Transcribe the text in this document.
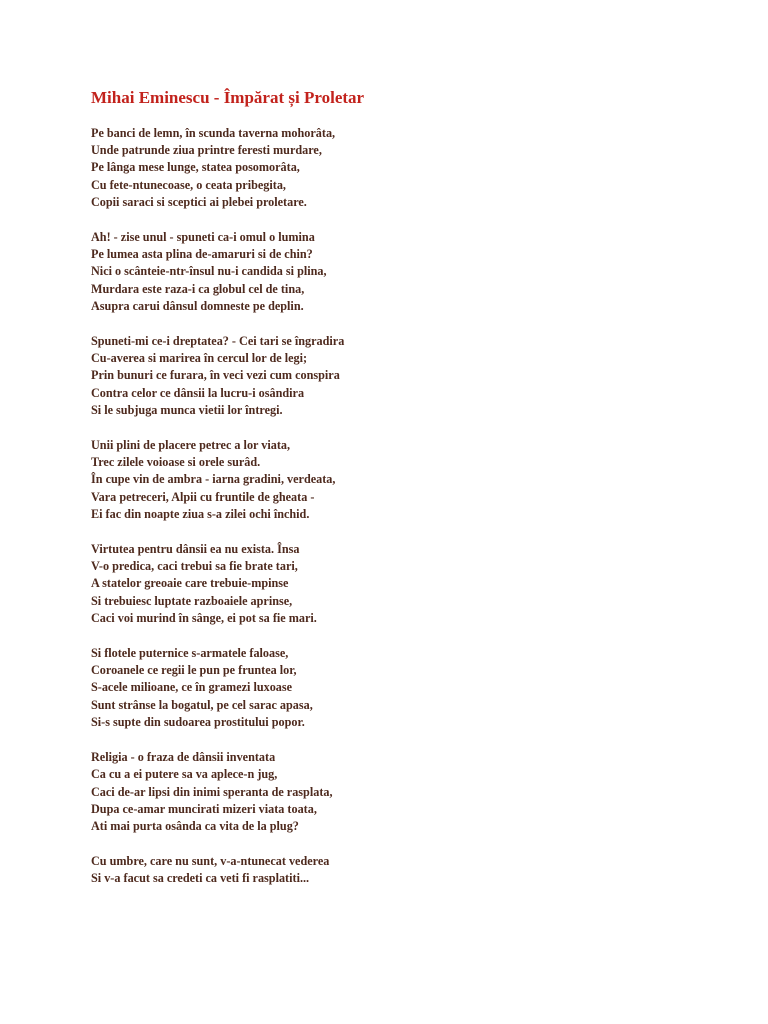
Mihai Eminescu - Împărat și Proletar
Pe banci de lemn, în scunda taverna mohorâta,
Unde patrunde ziua printre feresti murdare,
Pe lânga mese lunge, statea posomorâta,
Cu fete-ntunecoase, o ceata pribegita,
Copii saraci si sceptici ai plebei proletare.
Ah! - zise unul - spuneti ca-i omul o lumina
Pe lumea asta plina de-amaruri si de chin?
Nici o scânteie-ntr-însul nu-i candida si plina,
Murdara este raza-i ca globul cel de tina,
Asupra carui dânsul domneste pe deplin.
Spuneti-mi ce-i dreptatea? - Cei tari se îngradira
Cu-averea si marirea în cercul lor de legi;
Prin bunuri ce furara, în veci vezi cum conspira
Contra celor ce dânsii la lucru-i osândira
Si le subjuga munca vietii lor întregi.
Unii plini de placere petrec a lor viata,
Trec zilele voioase si orele surâd.
În cupe vin de ambra - iarna gradini, verdeata,
Vara petreceri, Alpii cu fruntile de gheata -
Ei fac din noapte ziua s-a zilei ochi închid.
Virtutea pentru dânsii ea nu exista. Însa
V-o predica, caci trebui sa fie brate tari,
A statelor greoaie care trebuie-mpinse
Si trebuiesc luptate razboaiele aprinse,
Caci voi murind în sânge, ei pot sa fie mari.
Si flotele puternice s-armatele faloase,
Coroanele ce regii le pun pe fruntea lor,
S-acele milioane, ce în gramezi luxoase
Sunt strânse la bogatul, pe cel sarac apasa,
Si-s supte din sudoarea prostitului popor.
Religia - o fraza de dânsii inventata
Ca cu a ei putere sa va aplece-n jug,
Caci de-ar lipsi din inimi speranta de rasplata,
Dupa ce-amar muncirati mizeri viata toata,
Ati mai purta osânda ca vita de la plug?
Cu umbre, care nu sunt, v-a-ntunecat vederea
Si v-a facut sa credeti ca veti fi rasplatiti...
